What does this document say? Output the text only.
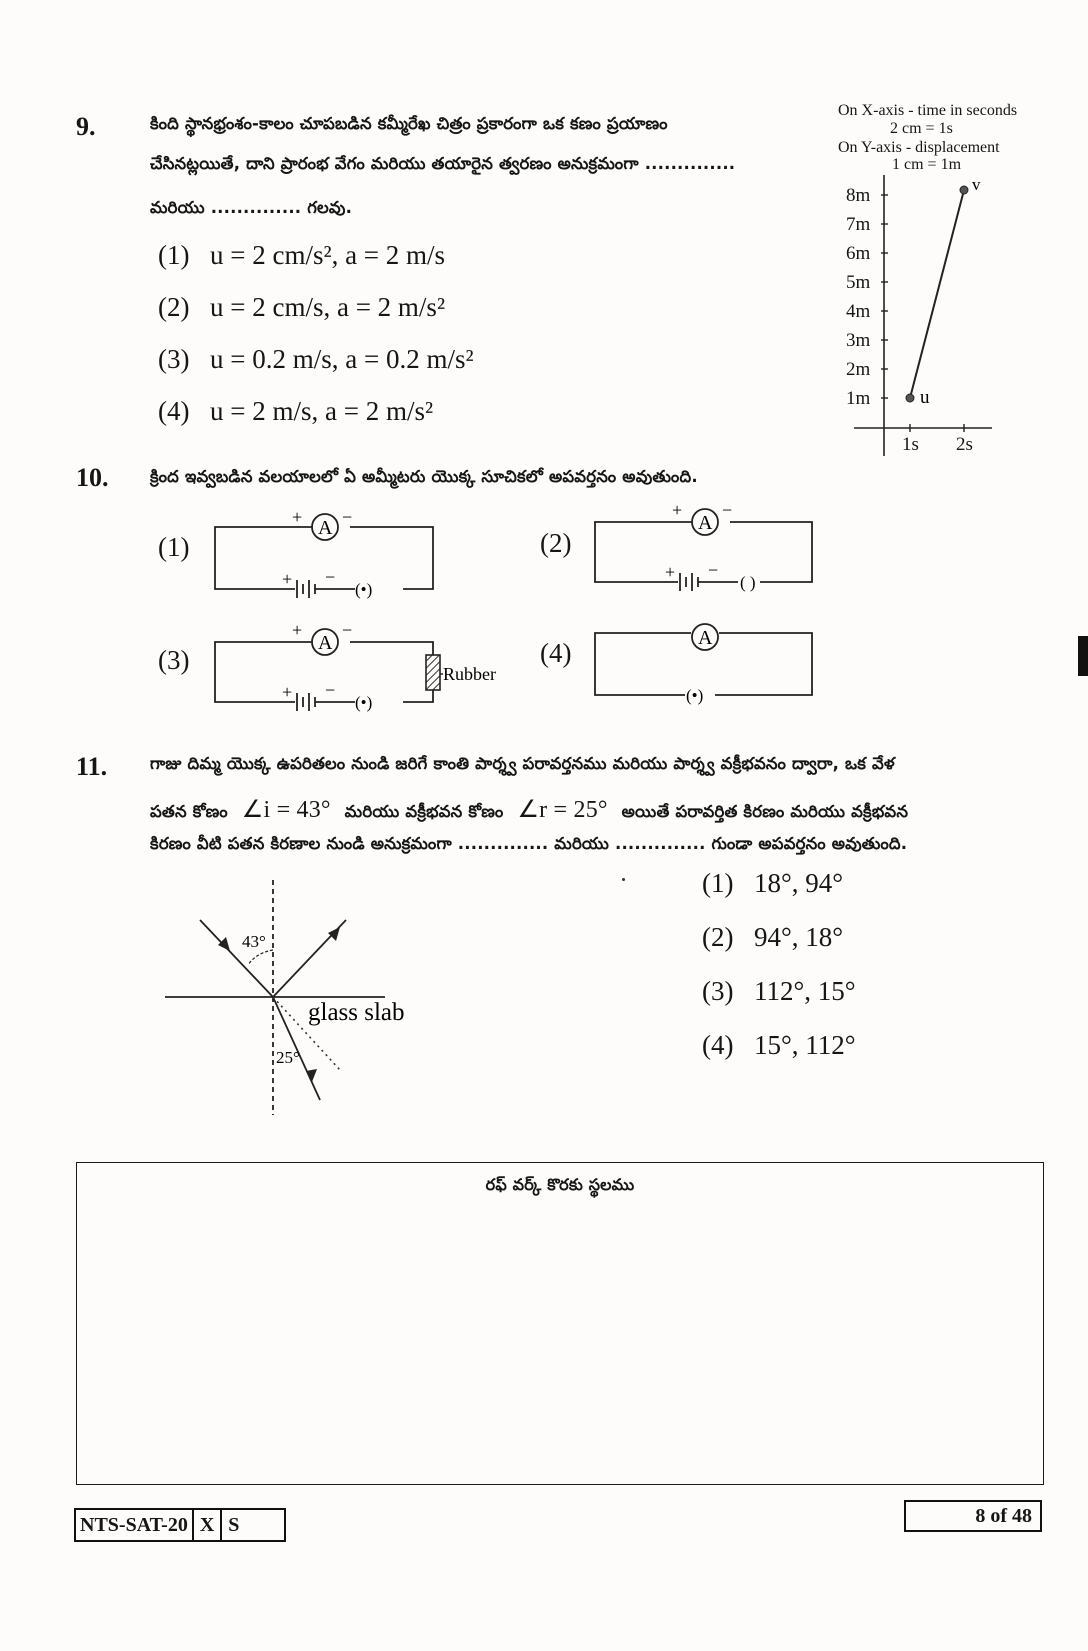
9.	కింది స్థానభ్రంశం-కాలం చూపబడిన కమ్మీరేఖ చిత్రం ప్రకారంగా ఒక కణం ప్రయాణం
చేసినట్లయితే, దాని ప్రారంభ వేగం మరియు తయారైన త్వరణం అనుక్రమంగా ..............
మరియు .............. గలవు.
(1) u = 2 cm/s², a = 2 m/s
(2) u = 2 cm/s, a = 2 m/s²
(3) u = 0.2 m/s, a = 0.2 m/s²
(4) u = 2 m/s, a = 2 m/s²
On X-axis - time in seconds
2 cm = 1s
On Y-axis - displacement
1 cm = 1m
8m
7m
6m
5m
4m
3m
2m
1m
1s 2s
u
v
10.	క్రింద ఇవ్వబడిన వలయాలలో ఏ అమ్మీటరు యొక్క సూచికలో అపవర్తనం అవుతుంది.
(1)	(2)
(3)	(4)
A
+ −
+ −
(•)
A
+ −
+ −
( )
Rubber
A
+ −
+ −
(•)
A
(•)
11.	గాజు దిమ్మ యొక్క ఉపరితలం నుండి జరిగే కాంతి పార్శ్వ పరావర్తనము మరియు పార్శ్వ వక్రీభవనం ద్వారా, ఒక వేళ
పతన కోణం ∠i = 43° మరియు వక్రీభవన కోణం ∠r = 25° అయితే పరావర్తిత కిరణం మరియు వక్రీభవన
కిరణం వీటి పతన కిరణాల నుండి అనుక్రమంగా .............. మరియు .............. గుండా అపవర్తనం అవుతుంది.
43°
25°
glass slab
(1) 18°, 94°
(2) 94°, 18°
(3) 112°, 15°
(4) 15°, 112°
రఫ్ వర్క్ కొరకు స్థలము
NTS-SAT-20 X S	8 of 48
